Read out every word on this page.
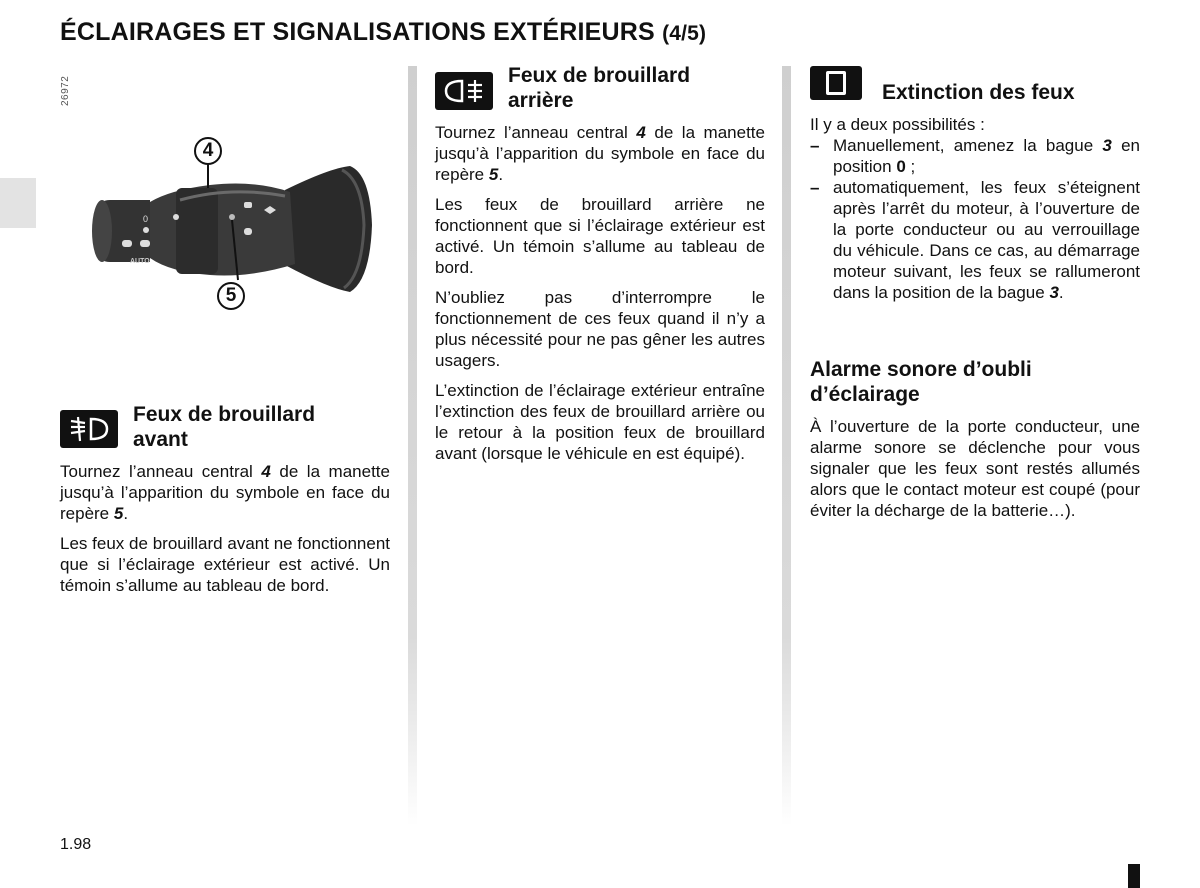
ÉCLAIRAGES ET SIGNALISATIONS EXTÉRIEURS (4/5)
26972
0
AUTO
4
5
Feux de brouillard
avant

Tournez l’anneau central 4 de la manette jusqu’à l’apparition du symbole en face du repère 5.

Les feux de brouillard avant ne fonctionnent que si l’éclairage extérieur est activé. Un témoin s’allume au tableau de bord.

Feux de brouillard
arrière

Tournez l’anneau central 4 de la manette jusqu’à l’apparition du symbole en face du repère 5.

Les feux de brouillard arrière ne fonctionnent que si l’éclairage extérieur est activé. Un témoin s’allume au tableau de bord.

N’oubliez pas d’interrompre le fonctionnement de ces feux quand il n’y a plus nécessité pour ne pas gêner les autres usagers.

L’extinction de l’éclairage extérieur entraîne l’extinction des feux de brouillard arrière ou le retour à la position feux de brouillard avant (lorsque le véhicule en est équipé).

Extinction des feux
Il y a deux possibilités :
– Manuellement, amenez la bague 3 en position 0 ;
– automatiquement, les feux s’éteignent après l’arrêt du moteur, à l’ouverture de la porte conducteur ou au verrouillage du véhicule. Dans ce cas, au démarrage moteur suivant, les feux se rallumeront dans la position de la bague 3.
Alarme sonore d’oubli
d’éclairage

À l’ouverture de la porte conducteur, une alarme sonore se déclenche pour vous signaler que les feux sont restés allumés alors que le contact moteur est coupé (pour éviter la décharge de la batterie…).

1.98
